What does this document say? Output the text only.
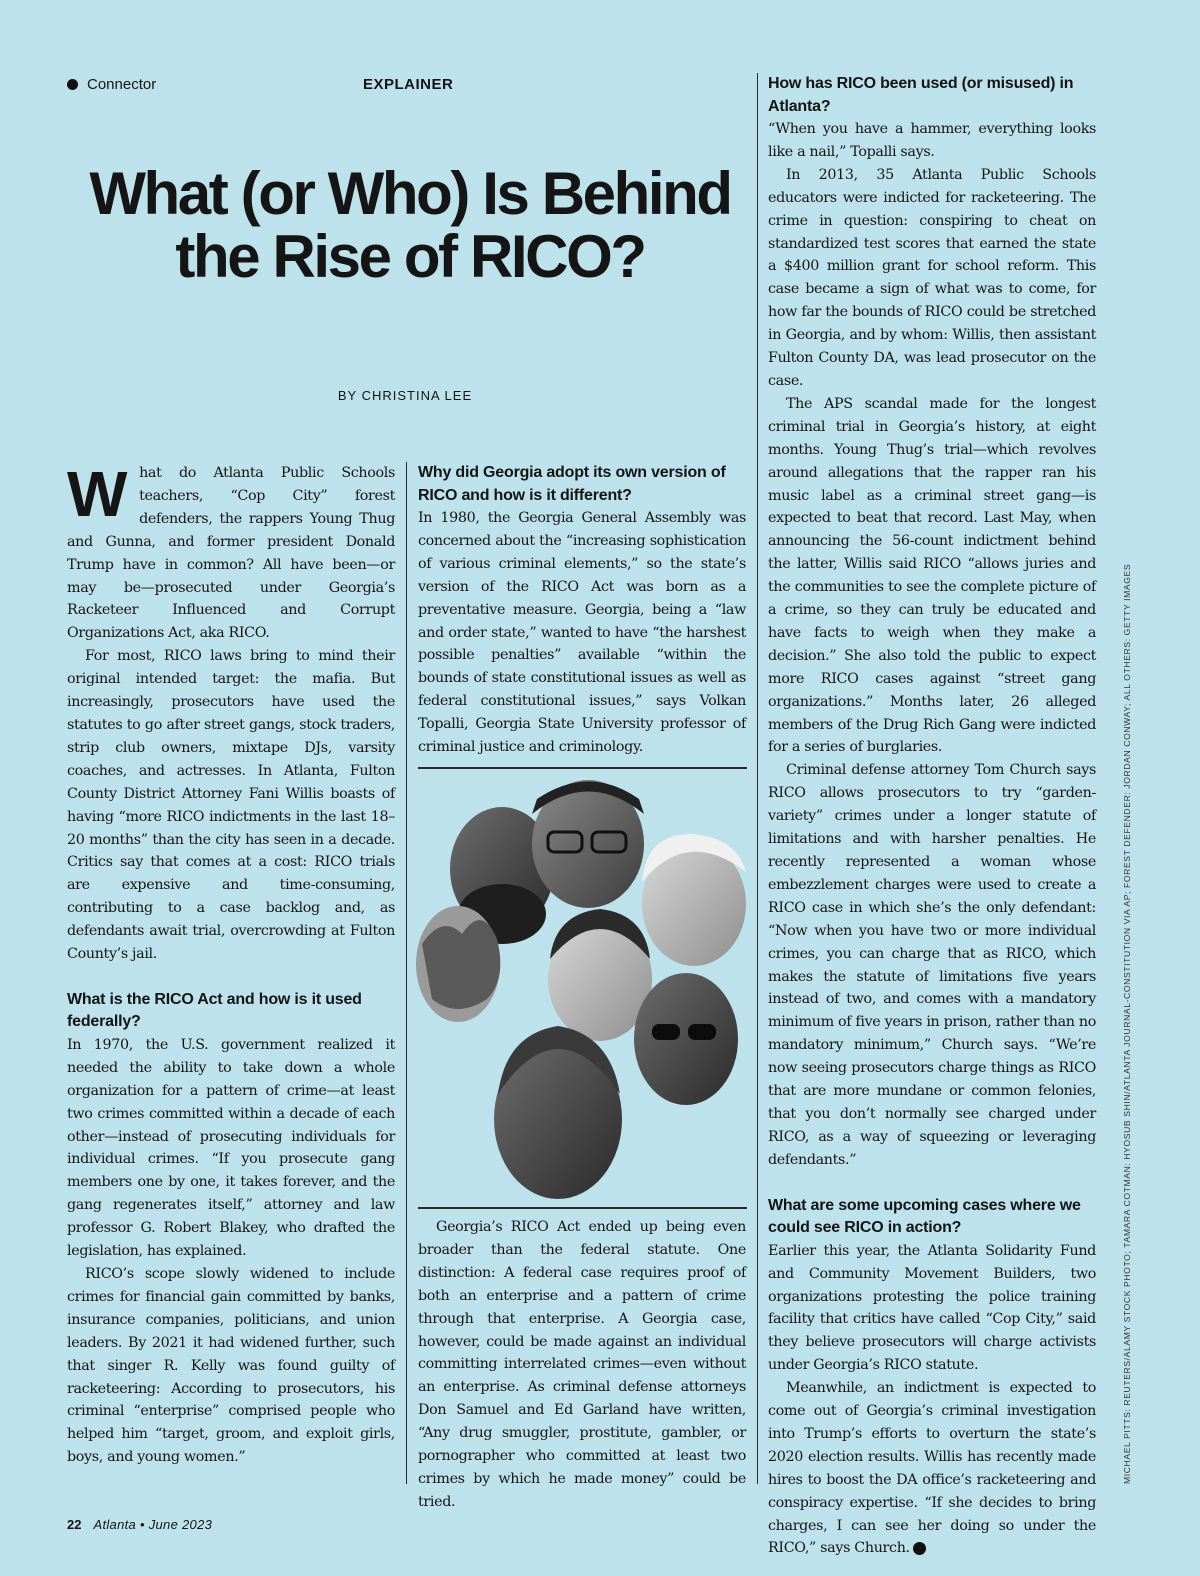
Connector	EXPLAINER
What (or Who) Is Behind the Rise of RICO?
BY CHRISTINA LEE
W hat do Atlanta Public Schools teachers, “Cop City” forest defenders, the rappers Young Thug and Gunna, and former president Donald Trump have in common? All have been—or may be—prosecuted under Georgia’s Racketeer Influenced and Corrupt Organizations Act, aka RICO.

For most, RICO laws bring to mind their original intended target: the mafia. But increasingly, prosecutors have used the statutes to go after street gangs, stock traders, strip club owners, mixtape DJs, varsity coaches, and actresses. In Atlanta, Fulton County District Attorney Fani Willis boasts of having “more RICO indictments in the last 18–20 months” than the city has seen in a decade. Critics say that comes at a cost: RICO trials are expensive and time-consuming, contributing to a case backlog and, as defendants await trial, overcrowding at Fulton County’s jail.

What is the RICO Act and how is it used federally?

In 1970, the U.S. government realized it needed the ability to take down a whole organization for a pattern of crime—at least two crimes committed within a decade of each other—instead of prosecuting individuals for individual crimes. “If you prosecute gang members one by one, it takes forever, and the gang regenerates itself,” attorney and law professor G. Robert Blakey, who drafted the legislation, has explained.

RICO’s scope slowly widened to include crimes for financial gain committed by banks, insurance companies, politicians, and union leaders. By 2021 it had widened further, such that singer R. Kelly was found guilty of racketeering: According to prosecutors, his criminal “enterprise” comprised people who helped him “target, groom, and exploit girls, boys, and young women.”

Why did Georgia adopt its own version of RICO and how is it different?

In 1980, the Georgia General Assembly was concerned about the “increasing sophistication of various criminal elements,” so the state’s version of the RICO Act was born as a preventative measure. Georgia, being a “law and order state,” wanted to have “the harshest possible penalties” available “within the bounds of state constitutional issues as well as federal constitutional issues,” says Volkan Topalli, Georgia State University professor of criminal justice and criminology.

Georgia’s RICO Act ended up being even broader than the federal statute. One distinction: A federal case requires proof of both an enterprise and a pattern of crime through that enterprise. A Georgia case, however, could be made against an individual committing interrelated crimes—even without an enterprise. As criminal defense attorneys Don Samuel and Ed Garland have written, “Any drug smuggler, prostitute, gambler, or pornographer who committed at least two crimes by which he made money” could be tried.

How has RICO been used (or misused) in Atlanta?

“When you have a hammer, everything looks like a nail,” Topalli says.

In 2013, 35 Atlanta Public Schools educators were indicted for racketeering. The crime in question: conspiring to cheat on standardized test scores that earned the state a $400 million grant for school reform. This case became a sign of what was to come, for how far the bounds of RICO could be stretched in Georgia, and by whom: Willis, then assistant Fulton County DA, was lead prosecutor on the case.

The APS scandal made for the longest criminal trial in Georgia’s history, at eight months. Young Thug’s trial—which revolves around allegations that the rapper ran his music label as a criminal street gang—is expected to beat that record. Last May, when announcing the 56-count indictment behind the latter, Willis said RICO “allows juries and the communities to see the complete picture of a crime, so they can truly be educated and have facts to weigh when they make a decision.” She also told the public to expect more RICO cases against “street gang organizations.” Months later, 26 alleged members of the Drug Rich Gang were indicted for a series of burglaries.

Criminal defense attorney Tom Church says RICO allows prosecutors to try “garden-variety” crimes under a longer statute of limitations and with harsher penalties. He recently represented a woman whose embezzlement charges were used to create a RICO case in which she’s the only defendant: “Now when you have two or more individual crimes, you can charge that as RICO, which makes the statute of limitations five years instead of two, and comes with a mandatory minimum of five years in prison, rather than no mandatory minimum,” Church says. “We’re now seeing prosecutors charge things as RICO that are more mundane or common felonies, that you don’t normally see charged under RICO, as a way of squeezing or leveraging defendants.”

What are some upcoming cases where we could see RICO in action?

Earlier this year, the Atlanta Solidarity Fund and Community Movement Builders, two organizations protesting the police training facility that critics have called “Cop City,” said they believe prosecutors will charge activists under Georgia’s RICO statute.

Meanwhile, an indictment is expected to come out of Georgia’s criminal investigation into Trump’s efforts to overturn the state’s 2020 election results. Willis has recently made hires to boost the DA office’s racketeering and conspiracy expertise. “If she decides to bring charges, I can see her doing so under the RICO,” says Church. A

MICHAEL PITTS: REUTERS/ALAMY STOCK PHOTO; TAMARA COTMAN: HYOSUB SHIN/ATLANTA JOURNAL-CONSTITUTION VIA AP; FOREST DEFENDER: JORDAN CONWAY; ALL OTHERS: GETTY IMAGES
22 Atlanta • June 2023
